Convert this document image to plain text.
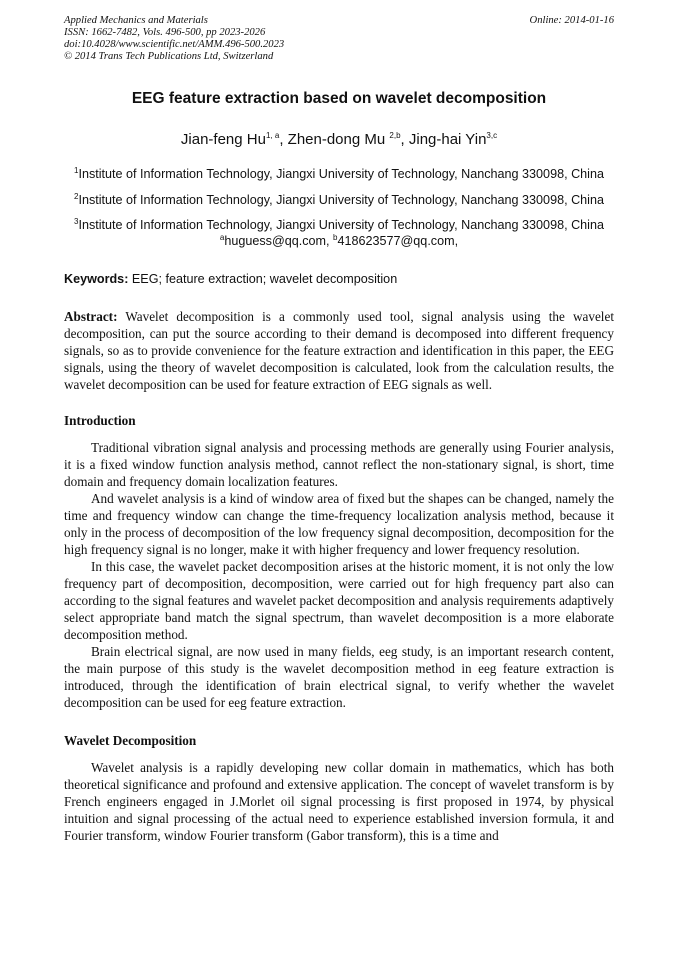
Applied Mechanics and Materials
ISSN: 1662-7482, Vols. 496-500, pp 2023-2026
doi:10.4028/www.scientific.net/AMM.496-500.2023
© 2014 Trans Tech Publications Ltd, Switzerland
Online: 2014-01-16
EEG feature extraction based on wavelet decomposition
Jian-feng Hu$^{1, a}$, Zhen-dong Mu $^{2,b}$, Jing-hai Yin$^{3,c}$
$^1$Institute of Information Technology, Jiangxi University of Technology, Nanchang 330098, China
$^2$Institute of Information Technology, Jiangxi University of Technology, Nanchang 330098, China
$^3$Institute of Information Technology, Jiangxi University of Technology, Nanchang 330098, China
$^a$huguess@qq.com, $^b$418623577@qq.com,
Keywords: EEG; feature extraction; wavelet decomposition

Abstract: Wavelet decomposition is a commonly used tool, signal analysis using the wavelet decomposition, can put the source according to their demand is decomposed into different frequency signals, so as to provide convenience for the feature extraction and identification in this paper, the EEG signals, using the theory of wavelet decomposition is calculated, look from the calculation results, the wavelet decomposition can be used for feature extraction of EEG signals as well.

Introduction

Traditional vibration signal analysis and processing methods are generally using Fourier analysis, it is a fixed window function analysis method, cannot reflect the non-stationary signal, is short, time domain and frequency domain localization features.

And wavelet analysis is a kind of window area of fixed but the shapes can be changed, namely the time and frequency window can change the time-frequency localization analysis method, because it only in the process of decomposition of the low frequency signal decomposition, decomposition for the high frequency signal is no longer, make it with higher frequency and lower frequency resolution.

In this case, the wavelet packet decomposition arises at the historic moment, it is not only the low frequency part of decomposition, decomposition, were carried out for high frequency part also can according to the signal features and wavelet packet decomposition and analysis requirements adaptively select appropriate band match the signal spectrum, than wavelet decomposition is a more elaborate decomposition method.

Brain electrical signal, are now used in many fields, eeg study, is an important research content, the main purpose of this study is the wavelet decomposition method in eeg feature extraction is introduced, through the identification of brain electrical signal, to verify whether the wavelet decomposition can be used for eeg feature extraction.

Wavelet Decomposition

Wavelet analysis is a rapidly developing new collar domain in mathematics, which has both theoretical significance and profound and extensive application. The concept of wavelet transform is by French engineers engaged in J.Morlet oil signal processing is first proposed in 1974, by physical intuition and signal processing of the actual need to experience established inversion formula, it and Fourier transform, window Fourier transform (Gabor transform), this is a time and
